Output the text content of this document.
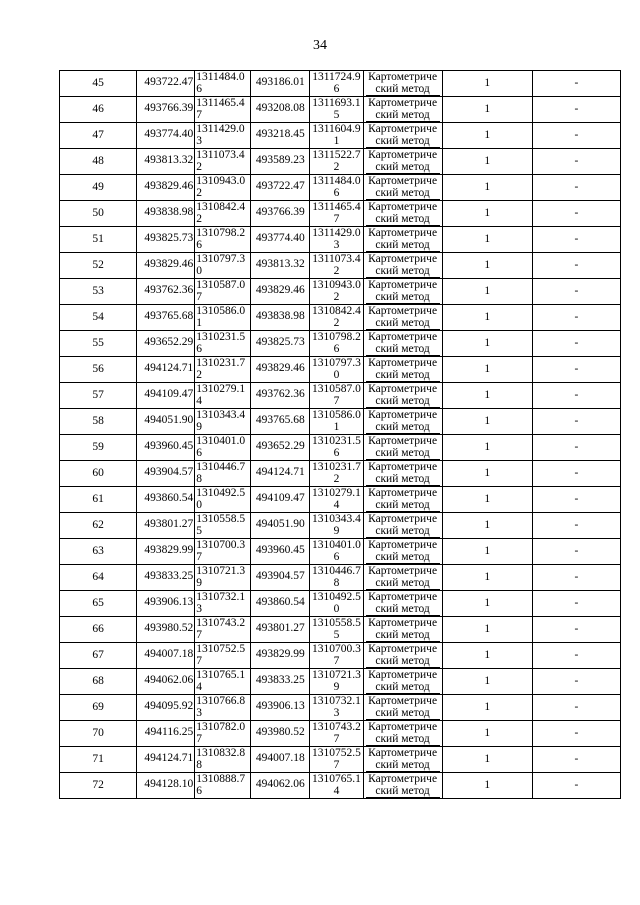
34
45	493722.47	1311484.06	493186.01	1311724.96	Картометриче
ский метод	1	-
46	493766.39	1311465.47	493208.08	1311693.15	Картометриче
ский метод	1	-
47	493774.40	1311429.03	493218.45	1311604.91	Картометриче
ский метод	1	-
48	493813.32	1311073.42	493589.23	1311522.72	Картометриче
ский метод	1	-
49	493829.46	1310943.02	493722.47	1311484.06	Картометриче
ский метод	1	-
50	493838.98	1310842.42	493766.39	1311465.47	Картометриче
ский метод	1	-
51	493825.73	1310798.26	493774.40	1311429.03	Картометриче
ский метод	1	-
52	493829.46	1310797.30	493813.32	1311073.42	Картометриче
ский метод	1	-
53	493762.36	1310587.07	493829.46	1310943.02	Картометриче
ский метод	1	-
54	493765.68	1310586.01	493838.98	1310842.42	Картометриче
ский метод	1	-
55	493652.29	1310231.56	493825.73	1310798.26	Картометриче
ский метод	1	-
56	494124.71	1310231.72	493829.46	1310797.30	Картометриче
ский метод	1	-
57	494109.47	1310279.14	493762.36	1310587.07	Картометриче
ский метод	1	-
58	494051.90	1310343.49	493765.68	1310586.01	Картометриче
ский метод	1	-
59	493960.45	1310401.06	493652.29	1310231.56	Картометриче
ский метод	1	-
60	493904.57	1310446.78	494124.71	1310231.72	Картометриче
ский метод	1	-
61	493860.54	1310492.50	494109.47	1310279.14	Картометриче
ский метод	1	-
62	493801.27	1310558.55	494051.90	1310343.49	Картометриче
ский метод	1	-
63	493829.99	1310700.37	493960.45	1310401.06	Картометриче
ский метод	1	-
64	493833.25	1310721.39	493904.57	1310446.78	Картометриче
ский метод	1	-
65	493906.13	1310732.13	493860.54	1310492.50	Картометриче
ский метод	1	-
66	493980.52	1310743.27	493801.27	1310558.55	Картометриче
ский метод	1	-
67	494007.18	1310752.57	493829.99	1310700.37	Картометриче
ский метод	1	-
68	494062.06	1310765.14	493833.25	1310721.39	Картометриче
ский метод	1	-
69	494095.92	1310766.83	493906.13	1310732.13	Картометриче
ский метод	1	-
70	494116.25	1310782.07	493980.52	1310743.27	Картометриче
ский метод	1	-
71	494124.71	1310832.88	494007.18	1310752.57	Картометриче
ский метод	1	-
72	494128.10	1310888.76	494062.06	1310765.14	Картометриче
ский метод	1	-
